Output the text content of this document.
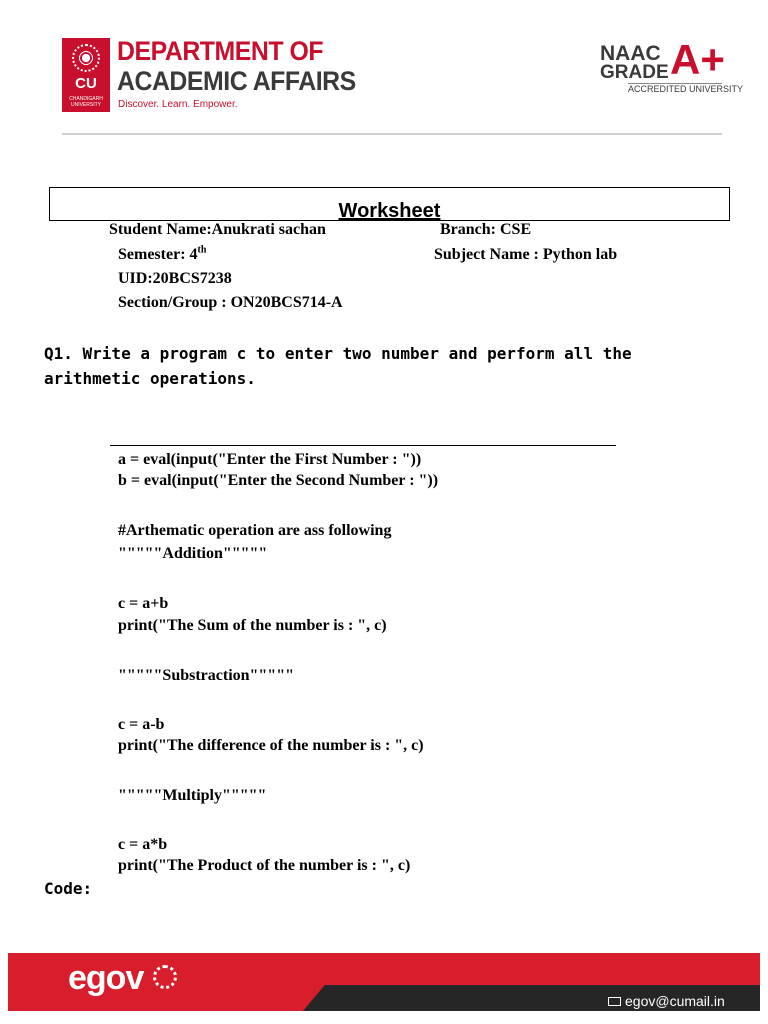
CU
CHANDIGARH UNIVERSITY
DEPARTMENT OF
ACADEMIC AFFAIRS
Discover. Learn. Empower.
NAAC
GRADE A+
ACCREDITED UNIVERSITY
Worksheet
Student Name:Anukrati sachan	Branch: CSE
Semester: 4th	Subject Name : Python lab
UID:20BCS7238
Section/Group : ON20BCS714-A
Q1. Write a program c to enter two number and perform all the arithmetic operations.
a = eval(input("Enter the First Number : "))
b = eval(input("Enter the Second Number : "))
#Arthematic operation are ass following
"""""Addition"""""
c = a+b
print("The Sum of the number is : ", c)
"""""Substraction"""""
c = a-b
print("The difference of the number is : ", c)
"""""Multiply"""""
c = a*b
print("The Product of the number is : ", c)
Code:
egov
egov@cumail.in
